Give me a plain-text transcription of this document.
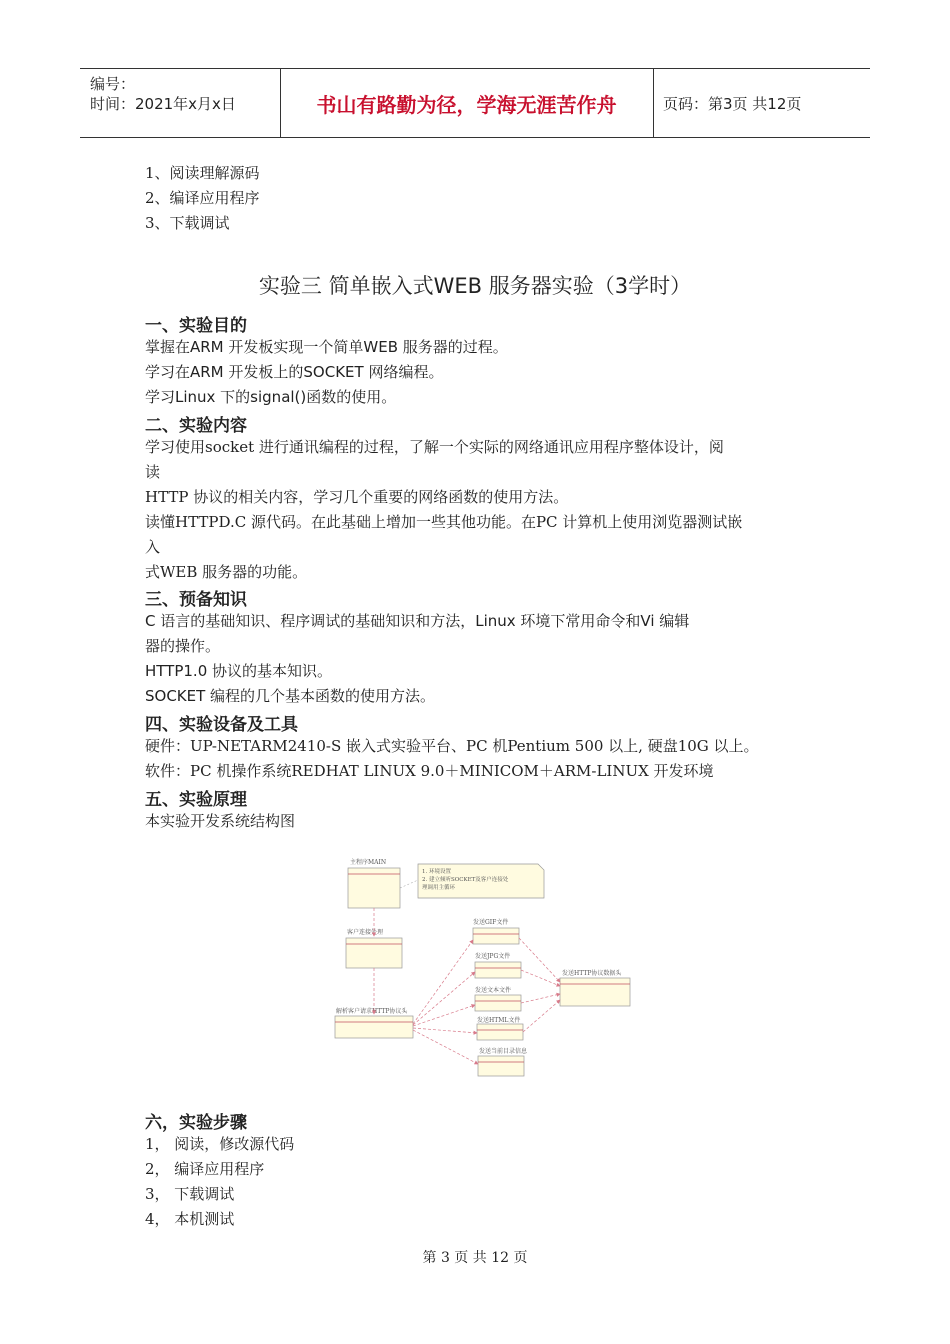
编号：
时间：2021年x月x日	书山有路勤为径，学海无涯苦作舟	页码：第3页 共12页
1、阅读理解源码
2、编译应用程序
3、下载调试
实验三 简单嵌入式WEB 服务器实验（3学时）
一、实验目的
掌握在ARM 开发板实现一个简单WEB 服务器的过程。
学习在ARM 开发板上的SOCKET 网络编程。
学习Linux 下的signal()函数的使用。
二、实验内容
学习使用socket 进行通讯编程的过程，了解一个实际的网络通讯应用程序整体设计，阅
读
HTTP 协议的相关内容，学习几个重要的网络函数的使用方法。
读懂HTTPD.C 源代码。在此基础上增加一些其他功能。在PC 计算机上使用浏览器测试嵌
入
式WEB 服务器的功能。
三、预备知识
C 语言的基础知识、程序调试的基础知识和方法，Linux 环境下常用命令和Vi 编辑
器的操作。
HTTP1.0 协议的基本知识。
SOCKET 编程的几个基本函数的使用方法。
四、实验设备及工具
硬件：UP-NETARM2410-S 嵌入式实验平台、PC 机Pentium 500 以上, 硬盘10G 以上。
软件：PC 机操作系统REDHAT LINUX 9.0＋MINICOM＋ARM-LINUX 开发环境
五、实验原理
本实验开发系统结构图
主程序MAIN
1. 环境设置
2. 建立倾听SOCKET及客户连接处
理调用主循环
客户连接处理
解析客户请求HTTP协议头
发送GIF文件
发送JPG文件
发送文本文件
发送HTML文件
发送当前目录信息
发送HTTP协议数据头
六，实验步骤
1， 阅读，修改源代码
2， 编译应用程序
3， 下载调试
4， 本机测试
第 3 页 共 12 页
